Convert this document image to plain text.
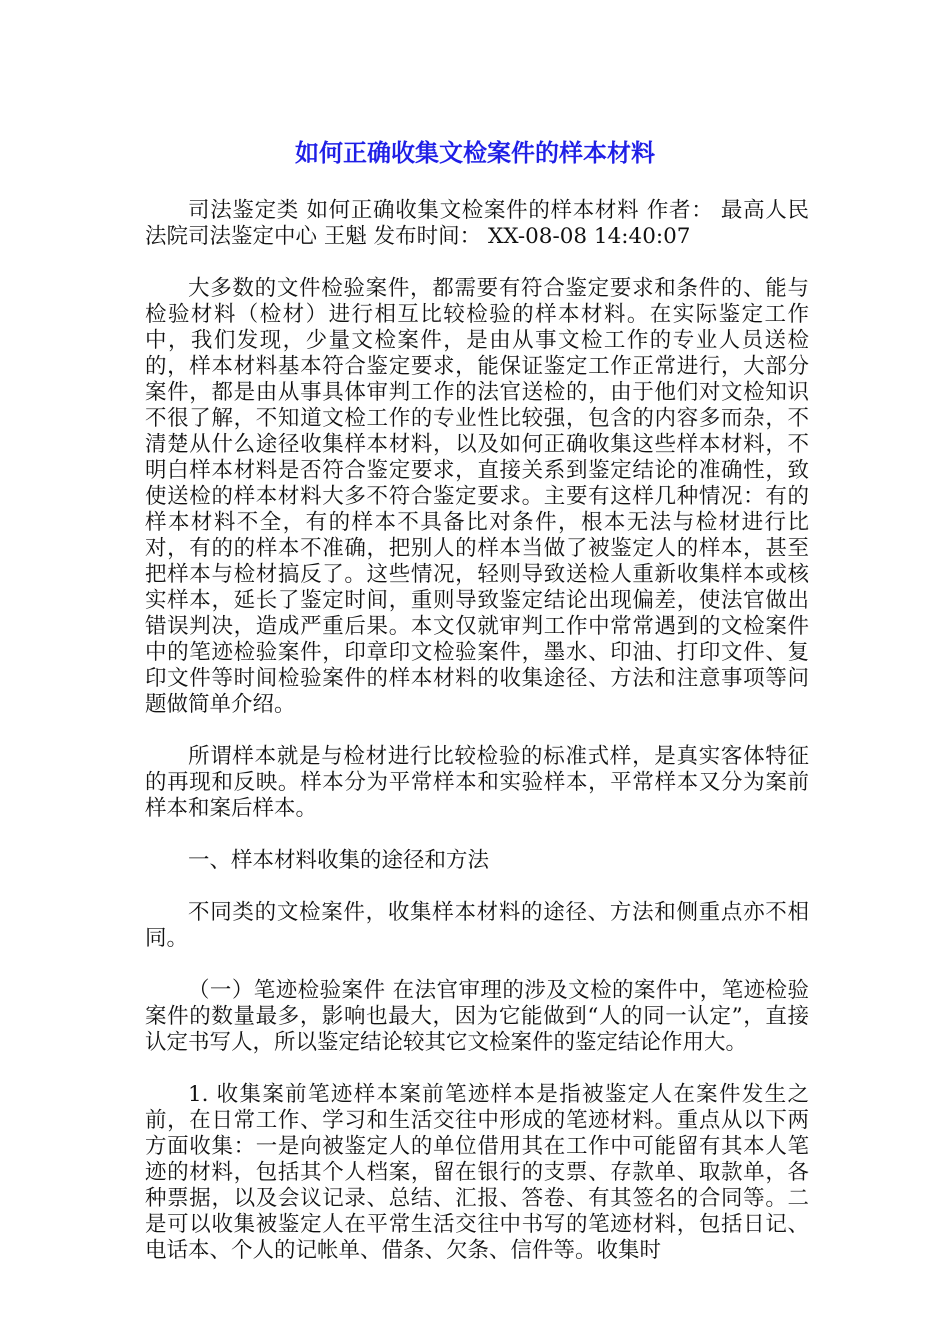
如何正确收集文检案件的样本材料

司法鉴定类 如何正确收集文检案件的样本材料 作者： 最高人民法院司法鉴定中心 王魁 发布时间： XX-08-08 14:40:07

大多数的文件检验案件，都需要有符合鉴定要求和条件的、能与检验材料（检材）进行相互比较检验的样本材料。在实际鉴定工作中，我们发现，少量文检案件，是由从事文检工作的专业人员送检的，样本材料基本符合鉴定要求，能保证鉴定工作正常进行，大部分案件，都是由从事具体审判工作的法官送检的，由于他们对文检知识不很了解，不知道文检工作的专业性比较强，包含的内容多而杂，不清楚从什么途径收集样本材料，以及如何正确收集这些样本材料，不明白样本材料是否符合鉴定要求，直接关系到鉴定结论的准确性，致使送检的样本材料大多不符合鉴定要求。主要有这样几种情况：有的样本材料不全，有的样本不具备比对条件，根本无法与检材进行比对，有的的样本不准确，把别人的样本当做了被鉴定人的样本，甚至把样本与检材搞反了。这些情况，轻则导致送检人重新收集样本或核实样本，延长了鉴定时间，重则导致鉴定结论出现偏差，使法官做出错误判决，造成严重后果。本文仅就审判工作中常常遇到的文检案件中的笔迹检验案件，印章印文检验案件，墨水、印油、打印文件、复印文件等时间检验案件的样本材料的收集途径、方法和注意事项等问题做简单介绍。

所谓样本就是与检材进行比较检验的标准式样，是真实客体特征的再现和反映。样本分为平常样本和实验样本，平常样本又分为案前样本和案后样本。

一、样本材料收集的途径和方法

不同类的文检案件，收集样本材料的途径、方法和侧重点亦不相同。

（一）笔迹检验案件 在法官审理的涉及文检的案件中，笔迹检验案件的数量最多，影响也最大，因为它能做到“人的同一认定”，直接认定书写人，所以鉴定结论较其它文检案件的鉴定结论作用大。

1. 收集案前笔迹样本案前笔迹样本是指被鉴定人在案件发生之前，在日常工作、学习和生活交往中形成的笔迹材料。重点从以下两方面收集：一是向被鉴定人的单位借用其在工作中可能留有其本人笔迹的材料，包括其个人档案，留在银行的支票、存款单、取款单，各种票据，以及会议记录、总结、汇报、答卷、有其签名的合同等。二是可以收集被鉴定人在平常生活交往中书写的笔迹材料，包括日记、电话本、个人的记帐单、借条、欠条、信件等。收集时
